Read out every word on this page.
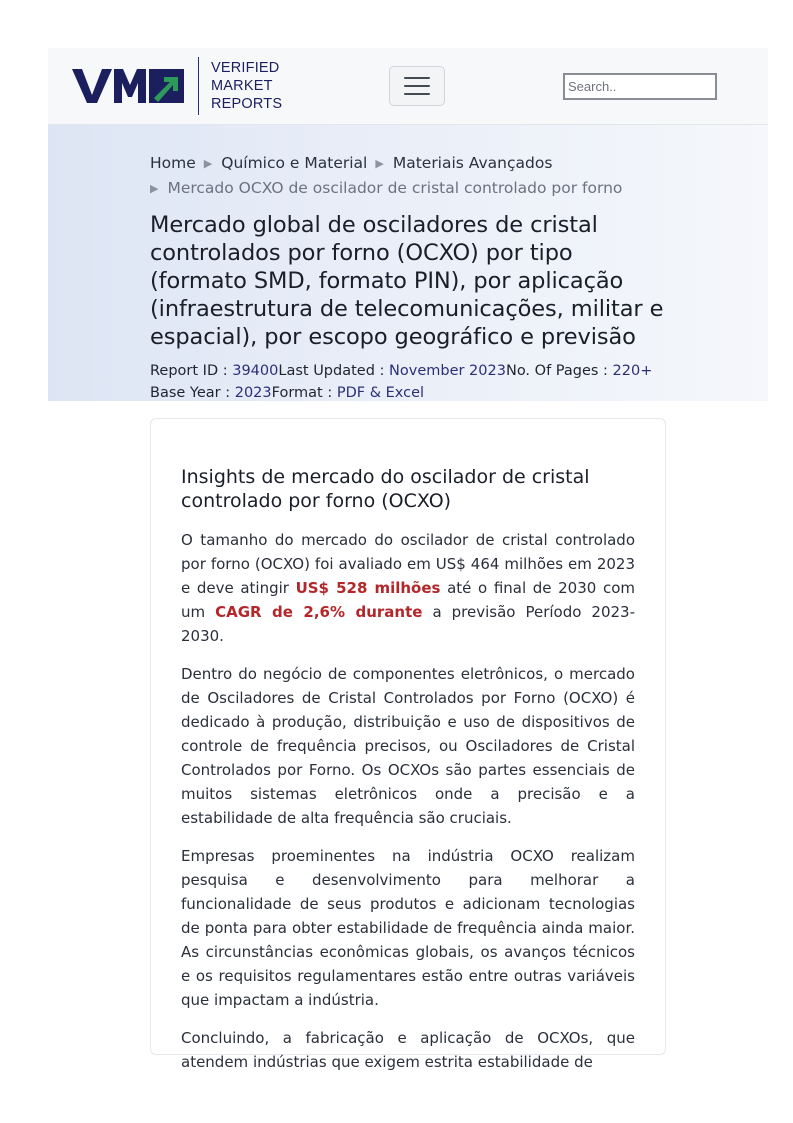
VERIFIED
MARKET
REPORTS
Search..
Home ▶ Químico e Material ▶ Materiais Avançados
▶ Mercado OCXO de oscilador de cristal controlado por forno
Mercado global de osciladores de cristal controlados por forno (OCXO) por tipo (formato SMD, formato PIN), por aplicação (infraestrutura de telecomunicações, militar e espacial), por escopo geográfico e previsão
Report ID : 39400Last Updated : November 2023No. Of Pages : 220+
Base Year : 2023Format : PDF & Excel
Insights de mercado do oscilador de cristal controlado por forno (OCXO)

O tamanho do mercado do oscilador de cristal controlado por forno (OCXO) foi avaliado em US$ 464 milhões em 2023 e deve atingir US$ 528 milhões até o final de 2030 com um CAGR de 2,6% durante a previsão Período 2023-2030.

Dentro do negócio de componentes eletrônicos, o mercado de Osciladores de Cristal Controlados por Forno (OCXO) é dedicado à produção, distribuição e uso de dispositivos de controle de frequência precisos, ou Osciladores de Cristal Controlados por Forno. Os OCXOs são partes essenciais de muitos sistemas eletrônicos onde a precisão e a estabilidade de alta frequência são cruciais.

Empresas proeminentes na indústria OCXO realizam pesquisa e desenvolvimento para melhorar a funcionalidade de seus produtos e adicionam tecnologias de ponta para obter estabilidade de frequência ainda maior. As circunstâncias econômicas globais, os avanços técnicos e os requisitos regulamentares estão entre outras variáveis que impactam a indústria.

Concluindo, a fabricação e aplicação de OCXOs, que atendem indústrias que exigem estrita estabilidade de
